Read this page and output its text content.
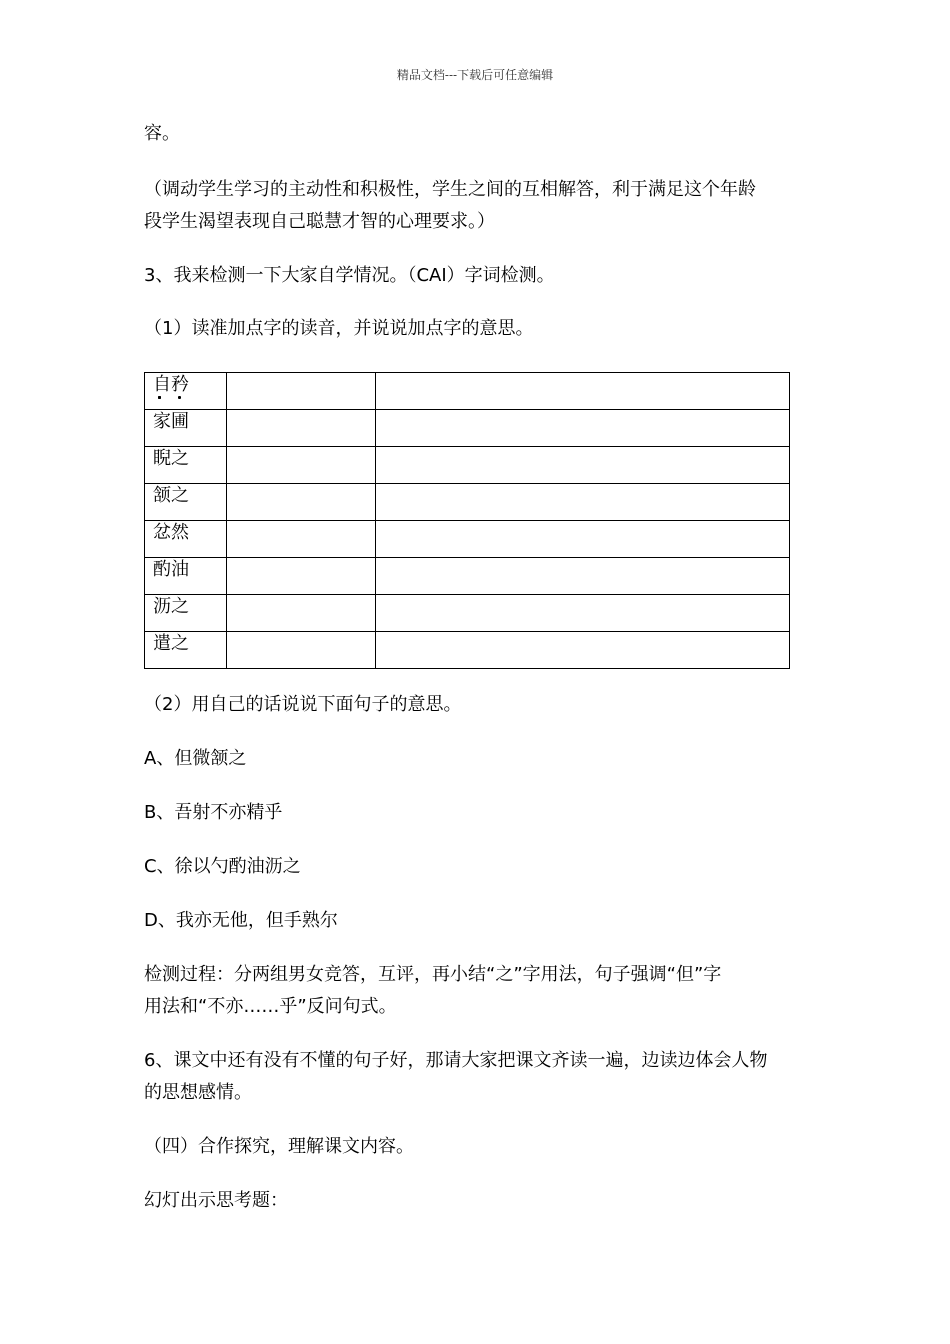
精品文档---下载后可任意编辑
容。
（调动学生学习的主动性和积极性，学生之间的互相解答，利于满足这个年龄
段学生渴望表现自己聪慧才智的心理要求。）
3、我来检测一下大家自学情况。（CAI）字词检测。
（1）读准加点字的读音，并说说加点字的意思。
自矜

家圃

睨之

颔之

忿然

酌油

沥之

遣之

（2）用自己的话说说下面句子的意思。
A、但微颔之
B、吾射不亦精乎
C、徐以勺酌油沥之
D、我亦无他，但手熟尔
检测过程：分两组男女竞答，互评，再小结“之”字用法，句子强调“但”字
用法和“不亦……乎”反问句式。
6、课文中还有没有不懂的句子好，那请大家把课文齐读一遍，边读边体会人物
的思想感情。
（四）合作探究，理解课文内容。
幻灯出示思考题：
